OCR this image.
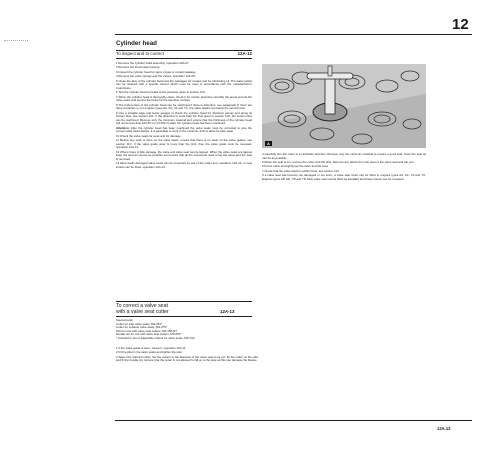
12
Cylinder head
To inspect and to correct	12A-12

1 Remove the cylinder head assembly, operation 12A-07.

2 Remove the thermostat housing.

3 Inspect the cylinder head for signs of gas or coolant leakage.

4 Remove the valve springs and the valves, operation 12A-09.

5 Clean the face of the cylinder head and the passages for coolant and for lubricating oil. The water jacket can be cleaned with a special solvent which must be used in accordance with the manufacturer's instructions.

6 Test the cylinder head for leaks at the pressure given in section 11C.

7 When the cylinder head is thoroughly clean, check it for cracks. Examine carefully the areas around the valve seats and around the holes for the atomiser nozzles.

8 The bottom face of the cylinder head can be machined if there is distortion, see paragraph 9; there are deep scratches or, for engines types AA, AC, YA and YC, the valve depths are below the service limit.

9 Use a straight edge and feeler gauges to check the cylinder head for distortion across and along its bottom face, see section 11C. If the distortion is more than the limit given in section 11C, the bottom face can be machined. Remove only the minimum material and ensure that the thickness of the cylinder head will not be less than 102,45 mm (4.033 in) after the cylinder head has been machined.

Attention: After the cylinder head has been machined the valve seats must be corrected to give the correct valve head depths. It is advisable to work to the minimum limit to allow for later wear.

10 Check the valve seats for wear and for damage.

11 Before any work is done on the valve seats, ensure that there is no wear on the valve guides, see section 11C. If the valve guide wear is more than the limit, then the valve guide must be renewed, operation 12A-11.

12 Where there is little damage, the valve and valve seat can be lapped. When the valve seats are lapped keep the seat as narrow as possible and ensure that all the compound used to lap the valve and the seat is removed.

13 More badly damaged valve seats can be corrected by use of the cutter tool, operation 12A-13, or new inserts can be fitted, operation 12A-14.

A

4 Carefully turn the cutter in a clockwise direction. Remove only the minimum material to ensure a good seat. Keep the seat as narrow as possible.

5 When the seat is cut, remove the cutter and the pilot. Remove any debris from the area of the valve seat and the port.

6 Fit the valve and lightly lap the valve and the seat.

7 Check that the valve depth is within limits, see section 11C.

If a valve seat has become too damaged or too worn, a valve seat insert can be fitted to engines types AA, AC, YA and YC. Engines types AB, AD, YB and YD have valve seat inserts fitted as standard and these inserts can be renewed.

To correct a valve seat
with a valve seat cutter	12A-13

Special tools:

Cutter for inlet valve seats, MS.281*

Cutter for exhaust valve seats, MS.275*

Pilot for use with valve seat cutters, MS.150-8/7

Handle set for use with valve seat cutters, MS.670*

* Included in set of adjustable cutters for valve seats, MS.73A

1 If the valve guide is worn, renew it, operation 12A-11.

2 Fit the pilot in the valve guide and tighten the pilot.

3 Select the relevant cutter. Set the cutters to the diameter of the valve seat to be cut. Fit the cutter on the pilot and fit the handle (A). Ensure that the cutter is not allowed to fall on to the seat as this can damage the blades.

12A.13
